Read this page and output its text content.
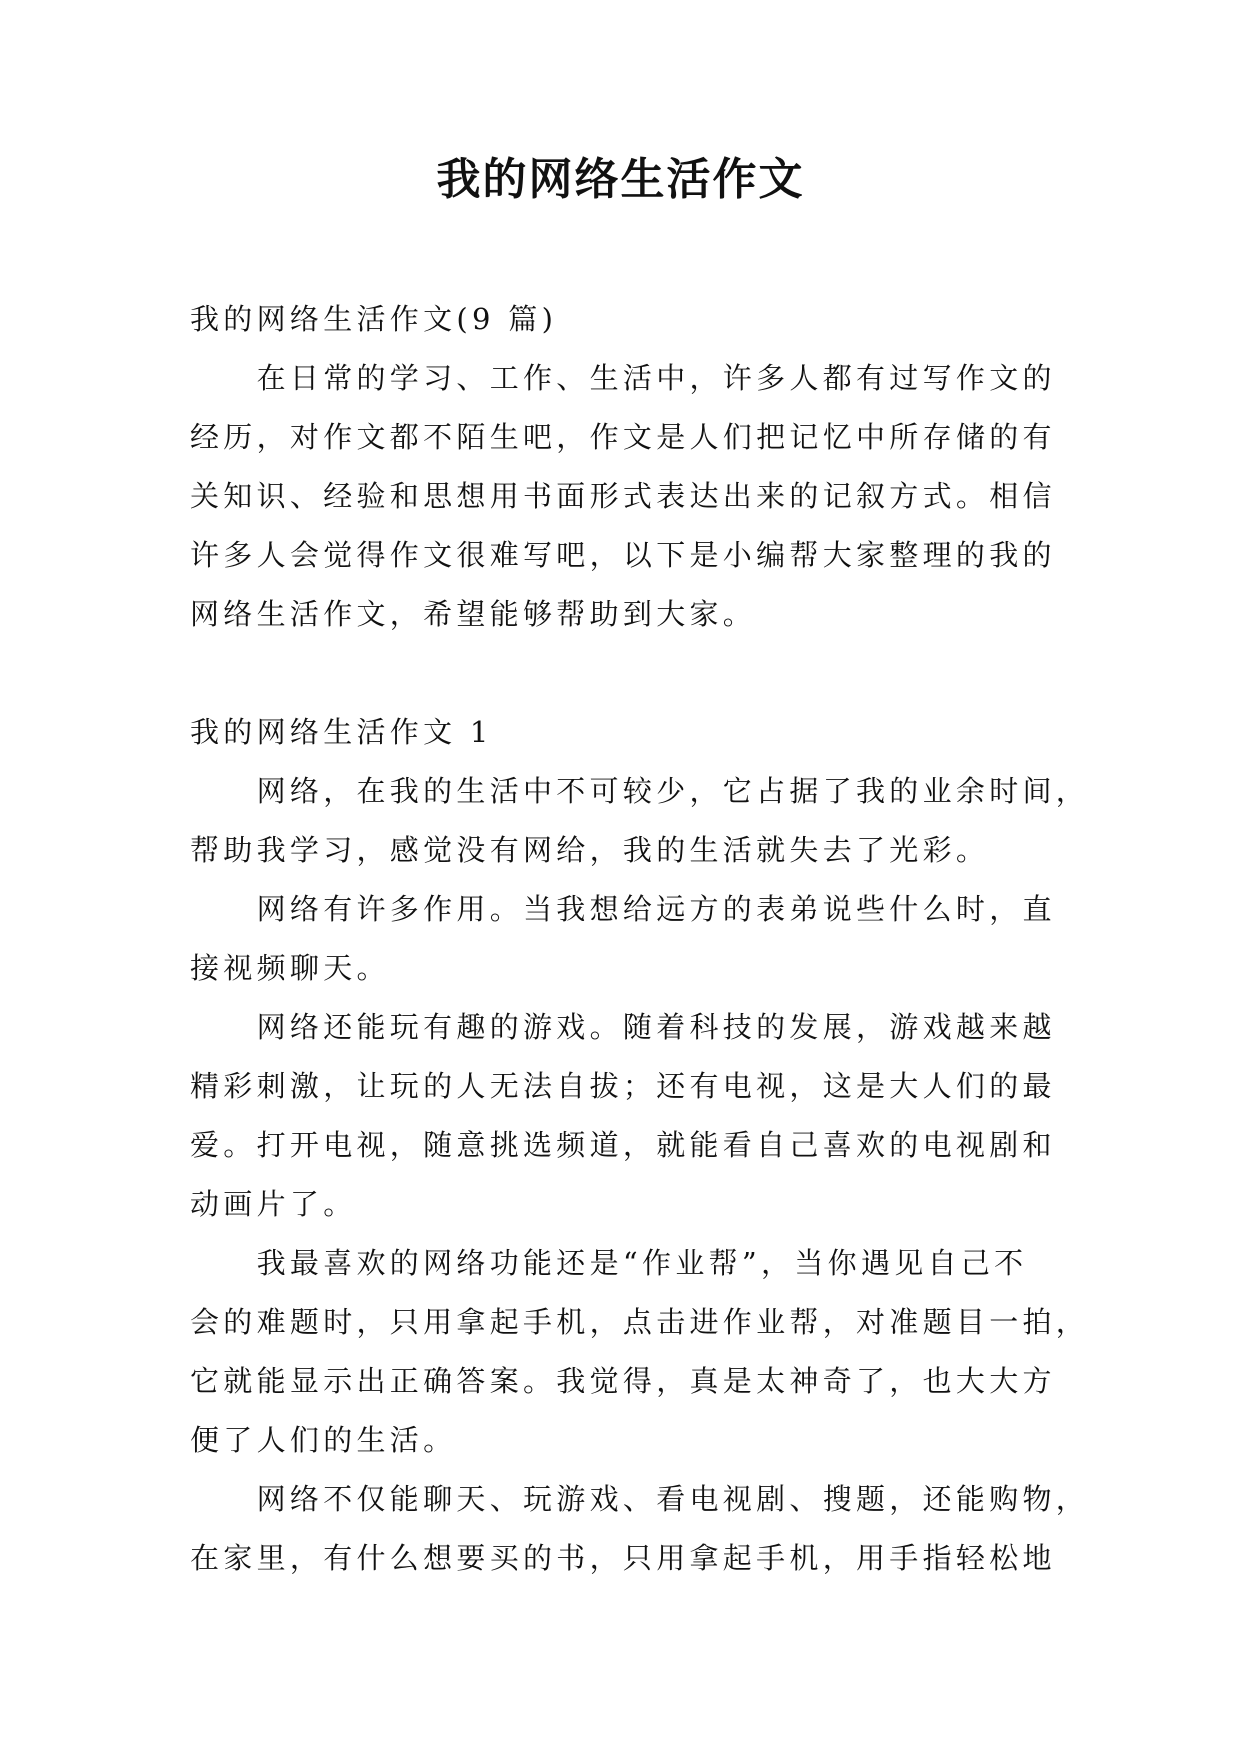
我的网络生活作文

我的网络生活作文(9 篇)

　　在日常的学习、工作、生活中，许多人都有过写作文的

经历，对作文都不陌生吧，作文是人们把记忆中所存储的有

关知识、经验和思想用书面形式表达出来的记叙方式。相信

许多人会觉得作文很难写吧，以下是小编帮大家整理的我的

网络生活作文，希望能够帮助到大家。

我的网络生活作文 1

　　网络，在我的生活中不可较少，它占据了我的业余时间，

帮助我学习，感觉没有网给，我的生活就失去了光彩。

　　网络有许多作用。当我想给远方的表弟说些什么时，直

接视频聊天。

　　网络还能玩有趣的游戏。随着科技的发展，游戏越来越

精彩刺激，让玩的人无法自拔；还有电视，这是大人们的最

爱。打开电视，随意挑选频道，就能看自己喜欢的电视剧和

动画片了。

　　我最喜欢的网络功能还是“作业帮”，当你遇见自己不

会的难题时，只用拿起手机，点击进作业帮，对准题目一拍，

它就能显示出正确答案。我觉得，真是太神奇了，也大大方

便了人们的生活。

　　网络不仅能聊天、玩游戏、看电视剧、搜题，还能购物，

在家里，有什么想要买的书，只用拿起手机，用手指轻松地
